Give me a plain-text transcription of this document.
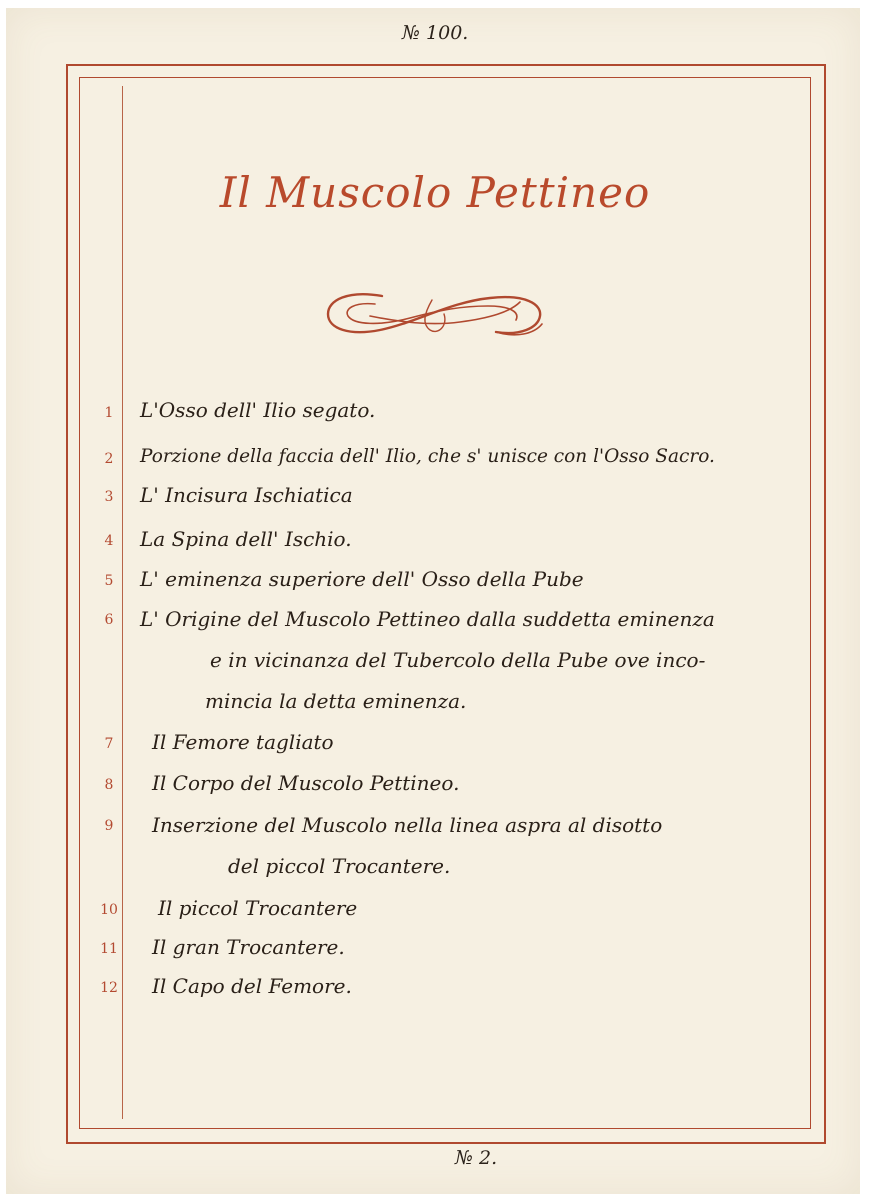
№ 100.
Il Muscolo Pettineo
1	L'Osso dell' Ilio segato.
2	Porzione della faccia dell' Ilio, che s' unisce con l'Osso Sacro.
3	L' Incisura Ischiatica
4	La Spina dell' Ischio.
5	L' eminenza superiore dell' Osso della Pube
6	L' Origine del Muscolo Pettineo dalla suddetta eminenza
e in vicinanza del Tubercolo della Pube ove inco-
mincia la detta eminenza.
7	Il Femore tagliato
8	Il Corpo del Muscolo Pettineo.
9	Inserzione del Muscolo nella linea aspra al disotto
del piccol Trocantere.
10 Il piccol Trocantere
11 Il gran Trocantere.
12 Il Capo del Femore.
№ 2.
